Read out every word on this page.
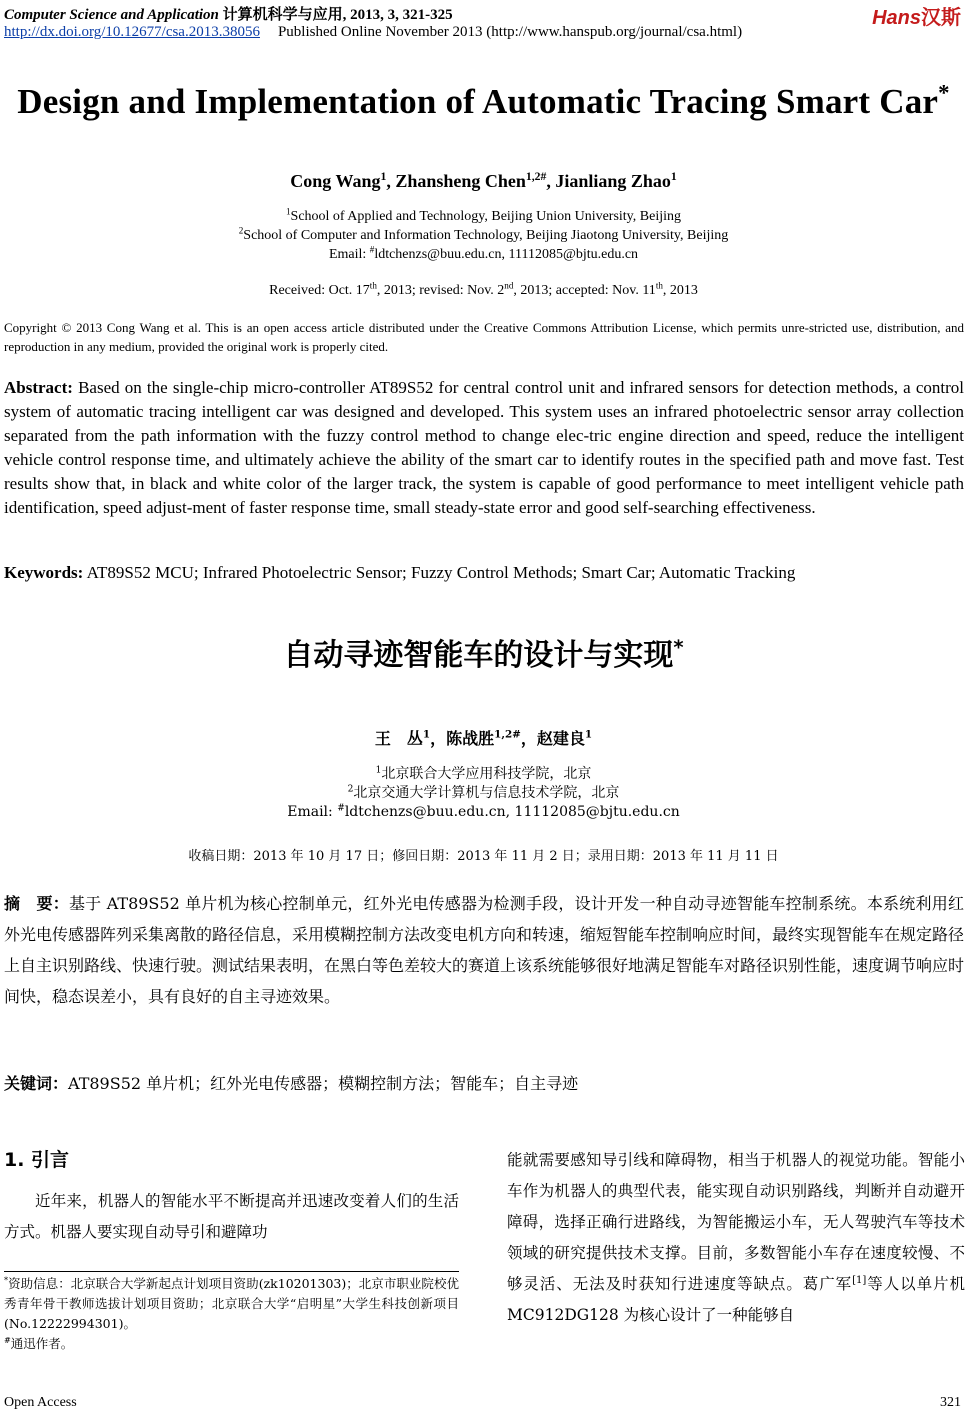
Computer Science and Application 计算机科学与应用, 2013, 3, 321-325	Hans汉斯
http://dx.doi.org/10.12677/csa.2013.38056 Published Online November 2013 (http://www.hanspub.org/journal/csa.html)
Design and Implementation of Automatic Tracing Smart Car*
Cong Wang$^1$, Zhansheng Chen$^{1,2\#}$, Jianliang Zhao$^1$
$^1$School of Applied and Technology, Beijing Union University, Beijing
$^2$School of Computer and Information Technology, Beijing Jiaotong University, Beijing
Email: #ldtchenzs@buu.edu.cn, 11112085@bjtu.edu.cn
Received: Oct. 17th, 2013; revised: Nov. 2nd, 2013; accepted: Nov. 11th, 2013
Copyright © 2013 Cong Wang et al. This is an open access article distributed under the Creative Commons Attribution License, which permits unre-stricted use, distribution, and reproduction in any medium, provided the original work is properly cited.
Abstract: Based on the single-chip micro-controller AT89S52 for central control unit and infrared sensors for detection methods, a control system of automatic tracing intelligent car was designed and developed. This system uses an infrared photoelectric sensor array collection separated from the path information with the fuzzy control method to change elec-tric engine direction and speed, reduce the intelligent vehicle control response time, and ultimately achieve the ability of the smart car to identify routes in the specified path and move fast. Test results show that, in black and white color of the larger track, the system is capable of good performance to meet intelligent vehicle path identification, speed adjust-ment of faster response time, small steady-state error and good self-searching effectiveness.
Keywords: AT89S52 MCU; Infrared Photoelectric Sensor; Fuzzy Control Methods; Smart Car; Automatic Tracking
自动寻迹智能车的设计与实现*
王　丛$^1$，陈战胜$^{1,2\#}$，赵建良$^1$
$^1$北京联合大学应用科技学院，北京
$^2$北京交通大学计算机与信息技术学院，北京
Email: #ldtchenzs@buu.edu.cn, 11112085@bjtu.edu.cn
收稿日期：2013 年 10 月 17 日；修回日期：2013 年 11 月 2 日；录用日期：2013 年 11 月 11 日
摘　要：基于 AT89S52 单片机为核心控制单元，红外光电传感器为检测手段，设计开发一种自动寻迹智能车控制系统。本系统利用红外光电传感器阵列采集离散的路径信息，采用模糊控制方法改变电机方向和转速，缩短智能车控制响应时间，最终实现智能车在规定路径上自主识别路线、快速行驶。测试结果表明，在黑白等色差较大的赛道上该系统能够很好地满足智能车对路径识别性能，速度调节响应时间快，稳态误差小，具有良好的自主寻迹效果。
关键词：AT89S52 单片机；红外光电传感器；模糊控制方法；智能车；自主寻迹
1. 引言

近年来，机器人的智能水平不断提高并迅速改变着人们的生活方式。机器人要实现自动导引和避障功

*资助信息：北京联合大学新起点计划项目资助(zk10201303)；北京市职业院校优秀青年骨干教师选拔计划项目资助；北京联合大学“启明星”大学生科技创新项目(No.12222994301)。

#通迅作者。

能就需要感知导引线和障碍物，相当于机器人的视觉功能。智能小车作为机器人的典型代表，能实现自动识别路线，判断并自动避开障碍，选择正确行进路线，为智能搬运小车，无人驾驶汽车等技术领域的研究提供技术支撑。目前，多数智能小车存在速度较慢、不够灵活、无法及时获知行进速度等缺点。葛广军[1]等人以单片机 MC912DG128 为核心设计了一种能够自

Open Access	321
